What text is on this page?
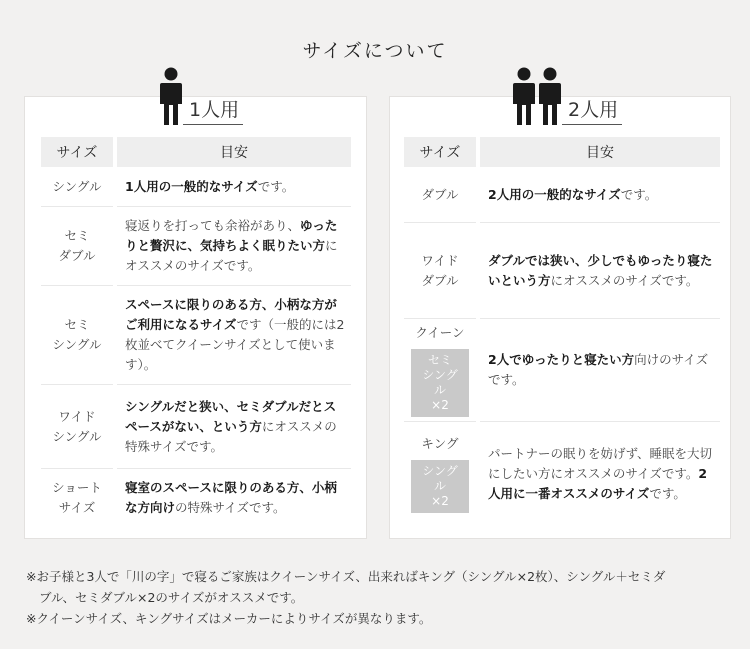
サイズについて
1人用
サイズ	目安
シングル	1人用の一般的なサイズです。
セミ
ダブル	寝返りを打っても余裕があり、ゆったりと贅沢に、気持ちよく眠りたい方にオススメのサイズです。
セミ
シングル	スペースに限りのある方、小柄な方がご利用になるサイズです（一般的には2枚並べてクイーンサイズとして使います）。
ワイド
シングル	シングルだと狭い、セミダブルだとスペースがない、という方にオススメの特殊サイズです。
ショート
サイズ	寝室のスペースに限りのある方、小柄な方向けの特殊サイズです。
2人用
サイズ	目安
ダブル	2人用の一般的なサイズです。
ワイド
ダブル	ダブルでは狭い、少しでもゆったり寝たいという方にオススメのサイズです。

クイーン
セミ
シングル
×2	2人でゆったりと寝たい方向けのサイズです。

キング
シングル
×2	パートナーの眠りを妨げず、睡眠を大切にしたい方にオススメのサイズです。2人用に一番オススメのサイズです。
※お子様と3人で「川の字」で寝るご家族はクイーンサイズ、出来ればキング（シングル×2枚）、シングル＋セミダ
ブル、セミダブル×2のサイズがオススメです。
※クイーンサイズ、キングサイズはメーカーによりサイズが異なります。
